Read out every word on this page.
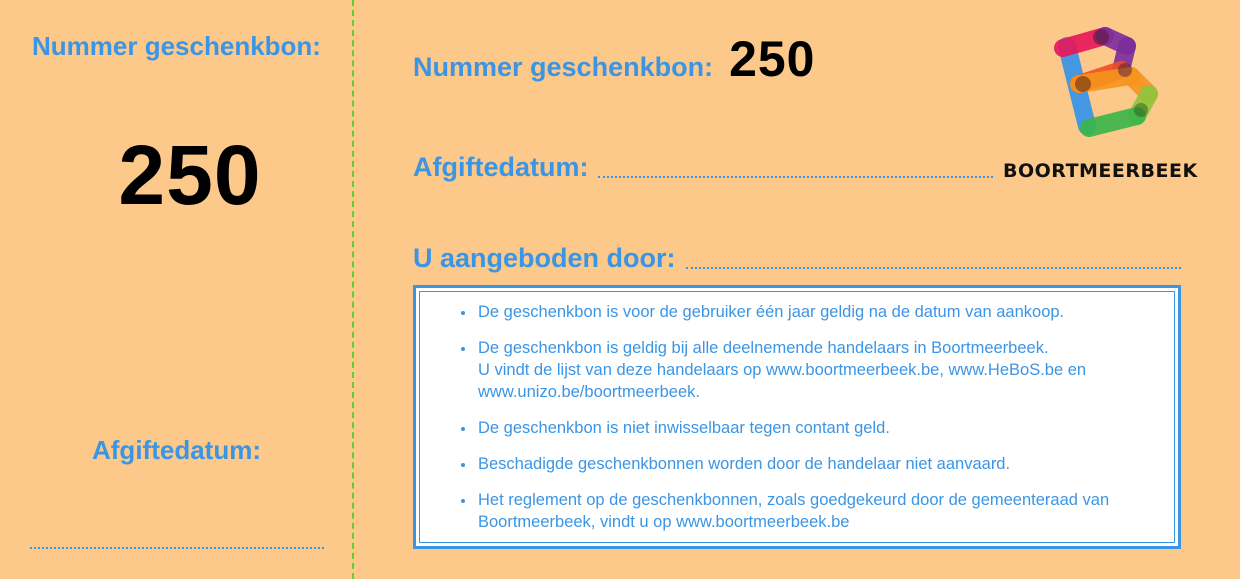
Nummer geschenkbon:
250
Afgiftedatum:
Nummer geschenkbon: 250
Afgiftedatum:
U aangeboden door:
• De geschenkbon is voor de gebruiker één jaar geldig na de datum van aankoop.
• De geschenkbon is geldig bij alle deelnemende handelaars in Boortmeerbeek.
U vindt de lijst van deze handelaars op www.boortmeerbeek.be, www.HeBoS.be en www.unizo.be/boortmeerbeek.
• De geschenkbon is niet inwisselbaar tegen contant geld.
• Beschadigde geschenkbonnen worden door de handelaar niet aanvaard.
• Het reglement op de geschenkbonnen, zoals goedgekeurd door de gemeenteraad van Boortmeerbeek, vindt u op www.boortmeerbeek.be
BOORTMEERBEEK
